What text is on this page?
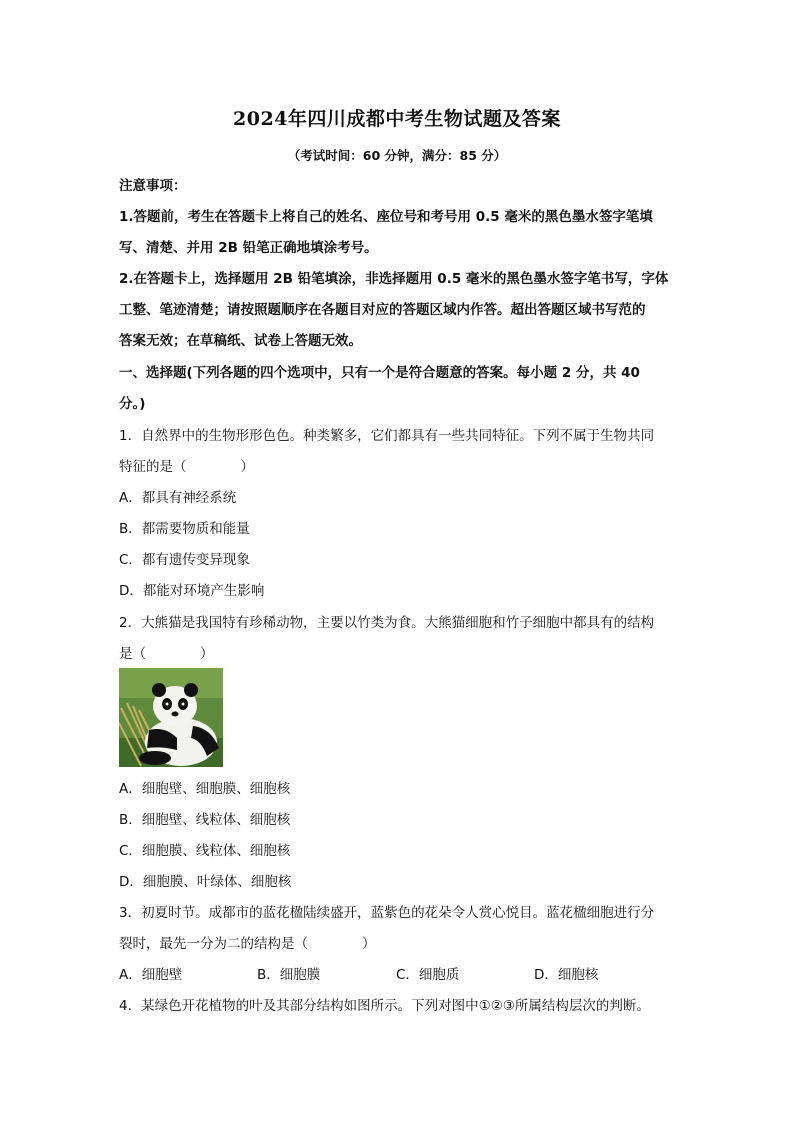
2024年四川成都中考生物试题及答案
（考试时间：60 分钟，满分：85 分）
注意事项：
1.答题前，考生在答题卡上将自己的姓名、座位号和考号用 0.5 毫米的黑色墨水签字笔填
写、清楚、并用 2B 铅笔正确地填涂考号。
2.在答题卡上，选择题用 2B 铅笔填涂，非选择题用 0.5 毫米的黑色墨水签字笔书写，字体
工整、笔迹清楚；请按照题顺序在各题目对应的答题区域内作答。超出答题区域书写范的
答案无效；在草稿纸、试卷上答题无效。
一、选择题(下列各题的四个选项中，只有一个是符合题意的答案。每小题 2 分，共 40
分。)
1．自然界中的生物形形色色。种类繁多，它们都具有一些共同特征。下列不属于生物共同
特征的是（　　　　）
A．都具有神经系统
B．都需要物质和能量
C．都有遗传变异现象
D．都能对环境产生影响
2．大熊猫是我国特有珍稀动物，主要以竹类为食。大熊猫细胞和竹子细胞中都具有的结构
是（　　　　）
A．细胞壁、细胞膜、细胞核
B．细胞壁、线粒体、细胞核
C．细胞膜、线粒体、细胞核
D．细胞膜、叶绿体、细胞核
3．初夏时节。成都市的蓝花楹陆续盛开，蓝紫色的花朵令人赏心悦目。蓝花楹细胞进行分
裂时，最先一分为二的结构是（　　　　）
A．细胞壁	B．细胞膜	C．细胞质	D．细胞核
4．某绿色开花植物的叶及其部分结构如图所示。下列对图中①②③所属结构层次的判断。
